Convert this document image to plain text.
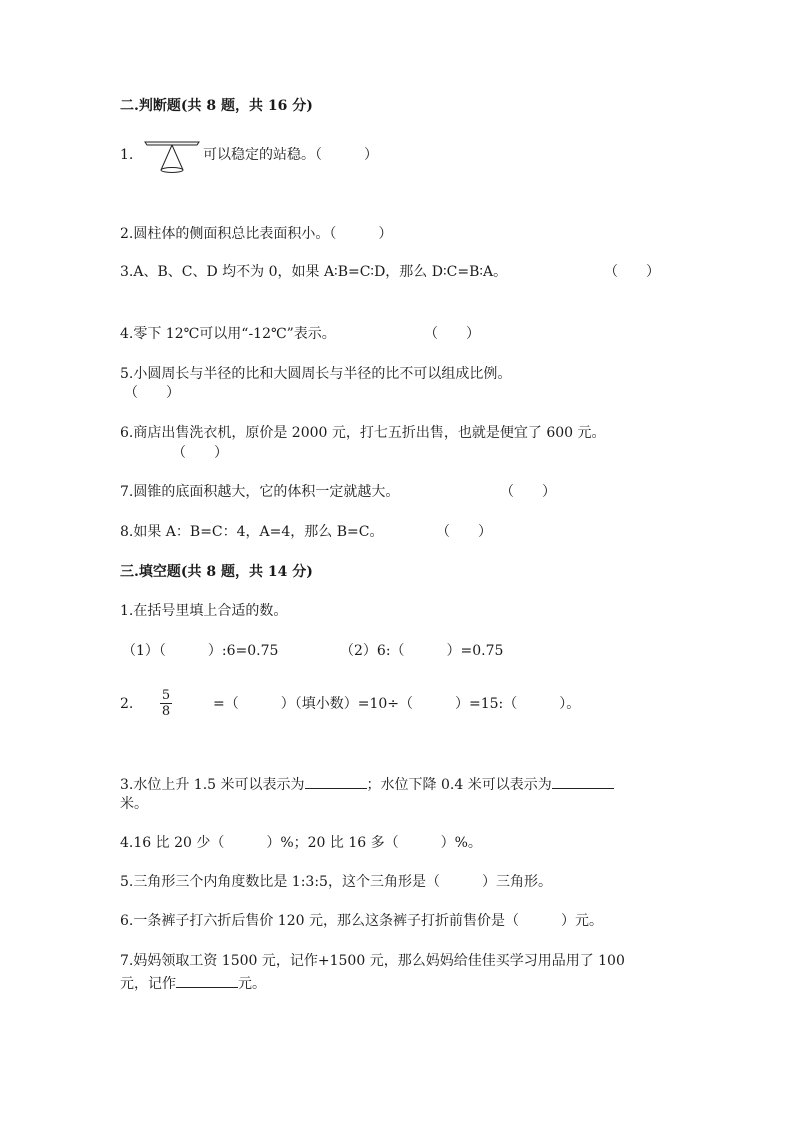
二.判断题(共 8 题，共 16 分)
1.	可以稳定的站稳。（　　　）
2.圆柱体的侧面积总比表面积小。（　　　）
3.A、B、C、D 均不为 0，如果 A∶B=C∶D，那么 D∶C=B∶A。	（　　）
4.零下 12℃可以用“-12℃”表示。	（　　）
5.小圆周长与半径的比和大圆周长与半径的比不可以组成比例。
（　　）
6.商店出售洗衣机，原价是 2000 元，打七五折出售，也就是便宜了 600 元。
（　　）
7.圆锥的底面积越大，它的体积一定就越大。	（　　）
8.如果 A：B=C：4，A=4，那么 B=C。	（　　）
三.填空题(共 8 题，共 14 分)
1.在括号里填上合适的数。
（1）（　　　）:6=0.75	（2）6:（　　　）=0.75
2.
5
8	=（　　　）（填小数）=10÷（　　　）=15:（　　　）。
3.水位上升 1.5 米可以表示为	；水位下降 0.4 米可以表示为
米。
4.16 比 20 少（　　　）%；20 比 16 多（　　　）%。
5.三角形三个内角度数比是 1:3:5，这个三角形是（　　　）三角形。
6.一条裤子打六折后售价 120 元，那么这条裤子打折前售价是（　　　）元。
7.妈妈领取工资 1500 元，记作+1500 元，那么妈妈给佳佳买学习用品用了 100
元，记作	元。
